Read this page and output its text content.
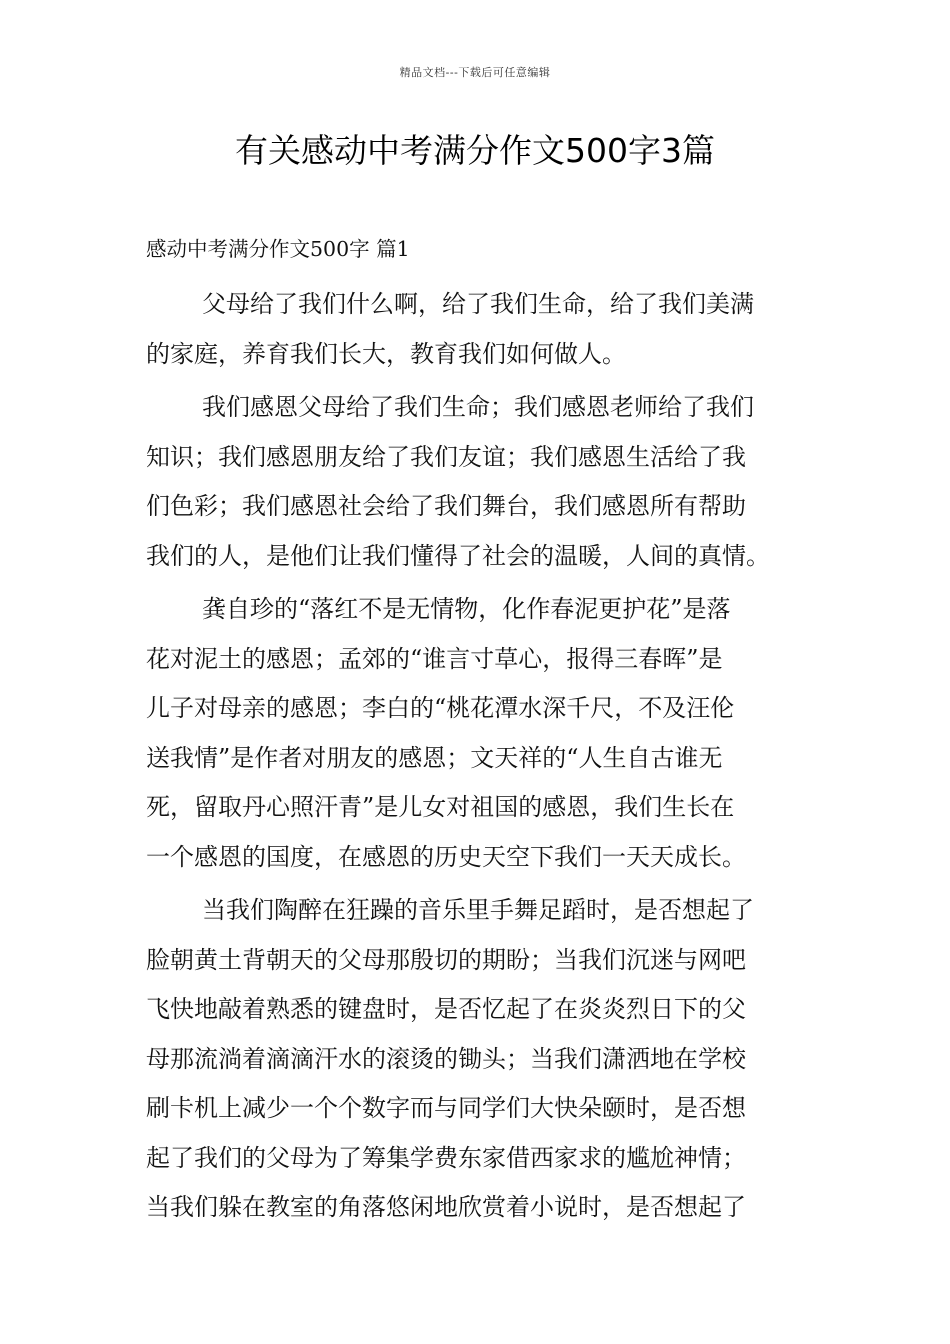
精品文档---下载后可任意编辑
有关感动中考满分作文500字3篇
感动中考满分作文500字 篇1

父母给了我们什么啊，给了我们生命，给了我们美满
的家庭，养育我们长大，教育我们如何做人。

我们感恩父母给了我们生命；我们感恩老师给了我们
知识；我们感恩朋友给了我们友谊；我们感恩生活给了我
们色彩；我们感恩社会给了我们舞台，我们感恩所有帮助
我们的人，是他们让我们懂得了社会的温暖，人间的真情。

龚自珍的“落红不是无情物，化作春泥更护花”是落
花对泥土的感恩；孟郊的“谁言寸草心，报得三春晖”是
儿子对母亲的感恩；李白的“桃花潭水深千尺，不及汪伦
送我情”是作者对朋友的感恩；文天祥的“人生自古谁无
死，留取丹心照汗青”是儿女对祖国的感恩，我们生长在
一个感恩的国度，在感恩的历史天空下我们一天天成长。

当我们陶醉在狂躁的音乐里手舞足蹈时，是否想起了
脸朝黄土背朝天的父母那殷切的期盼；当我们沉迷与网吧
飞快地敲着熟悉的键盘时，是否忆起了在炎炎烈日下的父
母那流淌着滴滴汗水的滚烫的锄头；当我们潇洒地在学校
刷卡机上减少一个个数字而与同学们大快朵颐时，是否想
起了我们的父母为了筹集学费东家借西家求的尴尬神情；
当我们躲在教室的角落悠闲地欣赏着小说时，是否想起了
